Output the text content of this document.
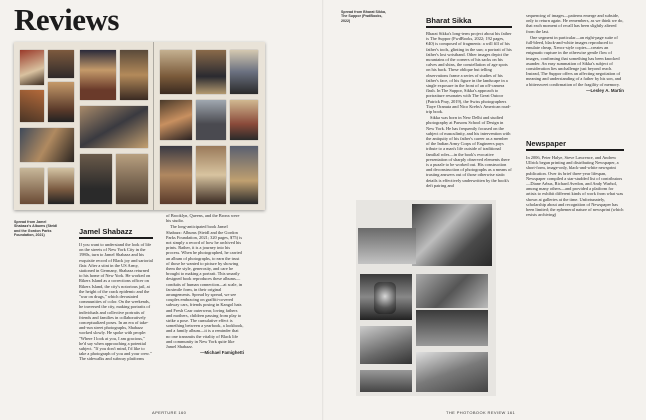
Reviews
Spread from Jamel Shabazz's Albums (Steidl and the Gordon Parks Foundation, 2021)	Jamel Shabazz

If you want to understand the look of life on the streets of New York City in the 1980s, turn to Jamel Shabazz and his exquisite record of Black joy and sartorial flair. After a stint in the US Army, stationed in Germany, Shabazz returned to his home of New York. He worked on Rikers Island as a corrections officer on Rikers Island, the city's notorious jail, at the height of the crack epidemic and the "war on drugs," which devastated communities of color. On the weekends, he traversed the city, making portraits of individuals and collective portraits of friends and families in collaboratively conceptualized poses. In an era of take-and-run street photographs, Shabazz worked slowly. He spoke with people: "Where I look at you, I am gracious," he'd say when approaching a potential subject. "If you don't mind, I'd like to take a photograph of you and your crew." The sidewalks and subway platforms

of Brooklyn, Queens, and the Bronx were his studio.

The long-anticipated book Jamel Shabazz: Albums (Steidl and the Gordon Parks Foundation, 2021; 320 pages, $75) is not simply a record of how he archived his prints. Rather, it is a journey into his process. When he photographed, he carried an album of photographs, to earn the trust of those he wanted to picture by showing them the style, generosity, and care he brought to making a portrait. This smartly designed book reproduces these albums—conduits of human connection—at scale, in facsimile form, in their original arrangements. Spread by spread, we see couples embracing on graffiti-covered subway cars, friends posing in Kangol hats and Fresh Czar outerwear, loving fathers and mothers, children passing from play to strike a pose. The cumulative effect is something between a yearbook, a lookbook, and a family album—it is a reminder that no one transmits the vitality of Black life and community in New York quite like Jamel Shabazz.

—Michael Famighetti
APERTURE 160
Spread from Bharat Sikka, The Suppor (FwdBooks, 2022)	Bharat Sikka

Bharat Sikka's long-term project about his father is The Suppor (FwdBooks, 2022; 192 pages, €40) is composed of fragments: a will fill of his father's tools, glinting in the sun; a portrait of his father's lost wristband. Other images depict the mountains of the corners of his sacks on his calves and shins, the constellation of age spots on his back. These oblique but telling observations frame a series of studies of his father's face, of his figure in the landscape in a single exposure in the front of an off-camera flash. In The Suppor, Sikka's approach to portraiture resonates with The Great Outoor (Patrick Pray, 2019), the Swiss photographers Tiaye Oranuta and Nico Krebs's American road-trip book.

Sikka was born in New Delhi and studied photography at Parsons School of Design in New York. He has frequently focused on the subject of masculinity, and his intervention with the antiquity of his father's career as a member of the Indian Army Corps of Engineers pays tribute to a man's life outside of traditional familial roles—in the book's evocative presentation of sharply observed elements there is a puzzle to be worked out. His construction and deconstruction of photographs as a means of trusting answers out of those otherwise static details is effectively underwritten by the book's deft pairing and

sequencing of images—patterns emerge and subside, only to return again. He remembers, as we think we do, that each moment of recall has been slightly altered from the last.

One segment in particular—an eight-page suite of full-bleed, black-and-white images reproduced to emulate cheap, Xerox-style copies—creates an enigmatic rupture in the otherwise gentle flow of images, confirming that something has been knocked asunder. An easy summation of Sikka's subject of consideration lies unchallenge just beyond reach. Instead, The Suppor offers an affecting negotiation of meaning and understanding of a father by his son, and a bittersweet confirmation of the fragility of memory.

—Lesley A. Martin
Newspaper

In 2006, Peter Halye, Steve Lawrence, and Andrew Ullrick began printing and distributing Newspaper, a short-form, image-only, black-and-white newsprint publication. Over its brief three-year lifespan, Newspaper compiled a star-studded list of contributors—Diane Arbus, Richard Avedon, and Andy Warhol, among many others—and provided a platform for artists to exhibit different kinds of work from what was shown at galleries at the time. Unfortunately, scholarship about and recognition of Newspaper has been limited; the ephemeral nature of newsprint (which resists archiving)

THE PHOTOBOOK REVIEW 161
